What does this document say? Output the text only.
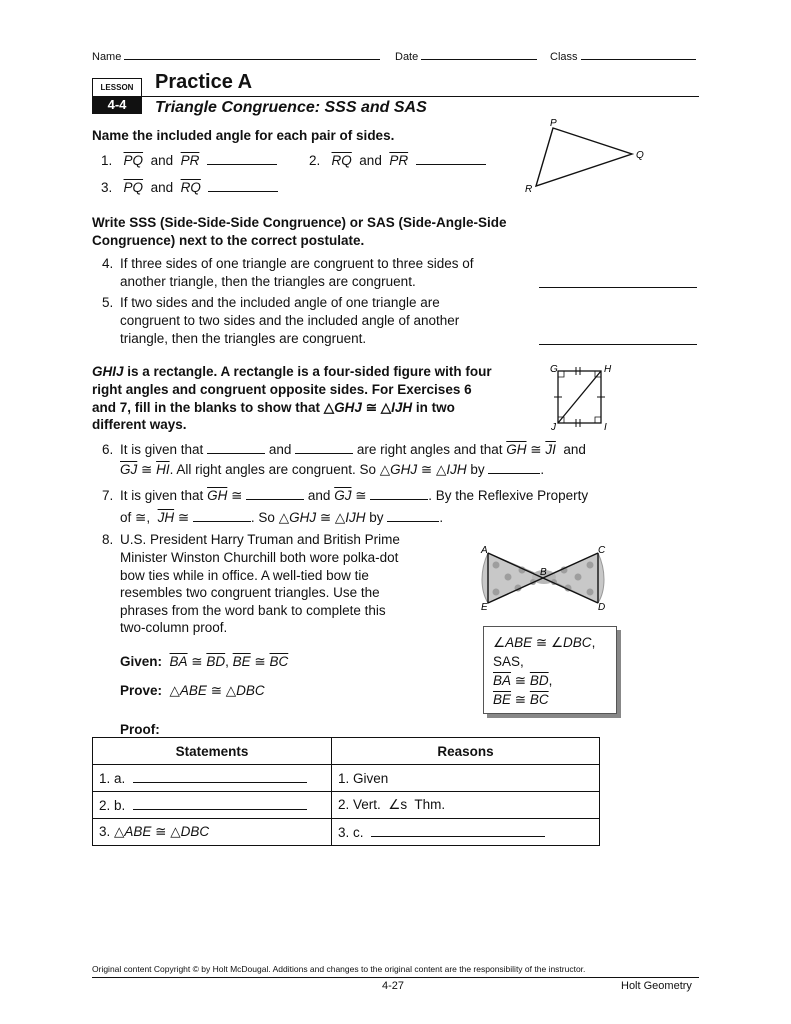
Name	Date	Class
LESSON
4-4
Practice A
Triangle Congruence: SSS and SAS
Name the included angle for each pair of sides.
1. $\overline{PQ}$ and $\overline{PR}$	2. $\overline{RQ}$ and $\overline{PR}$
3. $\overline{PQ}$ and $\overline{RQ}$
P
Q
R
Write SSS (Side-Side-Side Congruence) or SAS (Side-Angle-Side
Congruence) next to the correct postulate.
4. If three sides of one triangle are congruent to three sides of
another triangle, then the triangles are congruent.
5. If two sides and the included angle of one triangle are
congruent to two sides and the included angle of another
triangle, then the triangles are congruent.
GHIJ is a rectangle. A rectangle is a four-sided figure with four
right angles and congruent opposite sides. For Exercises 6
and 7, fill in the blanks to show that △GHJ ≅ △IJH in two
different ways.
G	H
J	I
6. It is given that	and	are right angles and that $\overline{GH}$ ≅ $\overline{JI}$ and
$\overline{GJ}$ ≅ $\overline{HI}$. All right angles are congruent. So △GHJ ≅ △IJH by	.
7. It is given that $\overline{GH}$ ≅	and $\overline{GJ}$ ≅	. By the Reflexive Property
of ≅,  $\overline{JH}$ ≅	. So △GHJ ≅ △IJH by	.
8. U.S. President Harry Truman and British Prime
Minister Winston Churchill both wore polka-dot
bow ties while in office. A well-tied bow tie
resembles two congruent triangles. Use the
phrases from the word bank to complete this
two-column proof.
A
B
C
D
E
∠ABE ≅ ∠DBC,
SAS,
$\overline{BA}$ ≅ $\overline{BD}$,
$\overline{BE}$ ≅ $\overline{BC}$
Given: $\overline{BA}$ ≅ $\overline{BD}$, $\overline{BE}$ ≅ $\overline{BC}$
Prove:  △ABE ≅ △DBC
Proof:
Statements	Reasons
1. a.	1. Given
2. b.	2. Vert. ∠s Thm.
3. △ABE ≅ △DBC	3. c.
Original content Copyright © by Holt McDougal. Additions and changes to the original content are the responsibility of the instructor.
4-27	Holt Geometry
